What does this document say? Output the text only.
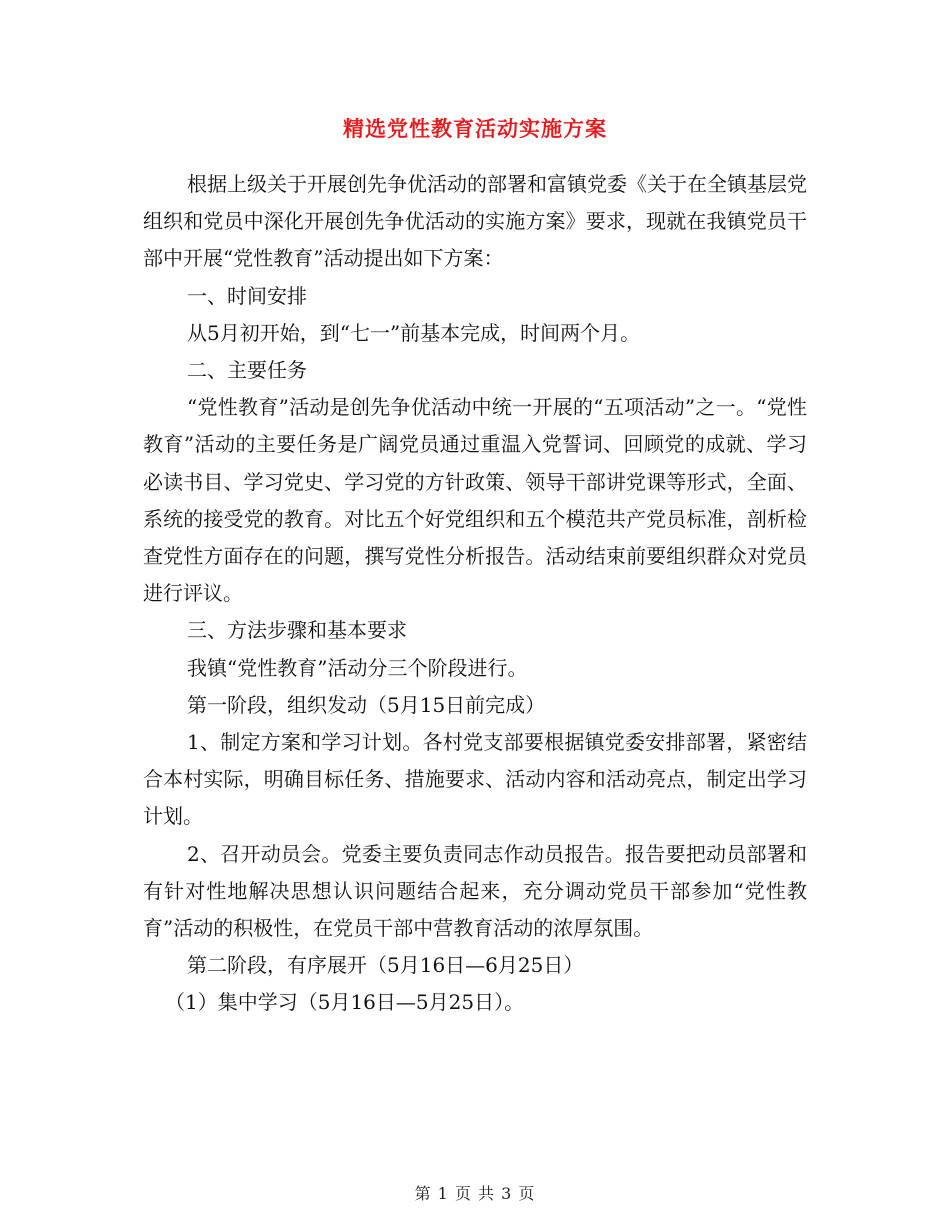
精选党性教育活动实施方案

根据上级关于开展创先争优活动的部署和富镇党委《关于在全镇基层党组织和党员中深化开展创先争优活动的实施方案》要求，现就在我镇党员干部中开展“党性教育”活动提出如下方案：

一、时间安排

从5月初开始，到“七一”前基本完成，时间两个月。

二、主要任务

“党性教育”活动是创先争优活动中统一开展的“五项活动”之一。“党性教育”活动的主要任务是广阔党员通过重温入党誓词、回顾党的成就、学习必读书目、学习党史、学习党的方针政策、领导干部讲党课等形式，全面、系统的接受党的教育。对比五个好党组织和五个模范共产党员标准，剖析检查党性方面存在的问题，撰写党性分析报告。活动结束前要组织群众对党员进行评议。

三、方法步骤和基本要求

我镇“党性教育”活动分三个阶段进行。

第一阶段，组织发动（5月15日前完成）

1、制定方案和学习计划。各村党支部要根据镇党委安排部署，紧密结合本村实际，明确目标任务、措施要求、活动内容和活动亮点，制定出学习计划。

2、召开动员会。党委主要负责同志作动员报告。报告要把动员部署和有针对性地解决思想认识问题结合起来，充分调动党员干部参加“党性教育”活动的积极性，在党员干部中营教育活动的浓厚氛围。

第二阶段，有序展开（5月16日—6月25日）

（1）集中学习（5月16日—5月25日）。

第 1 页 共 3 页
